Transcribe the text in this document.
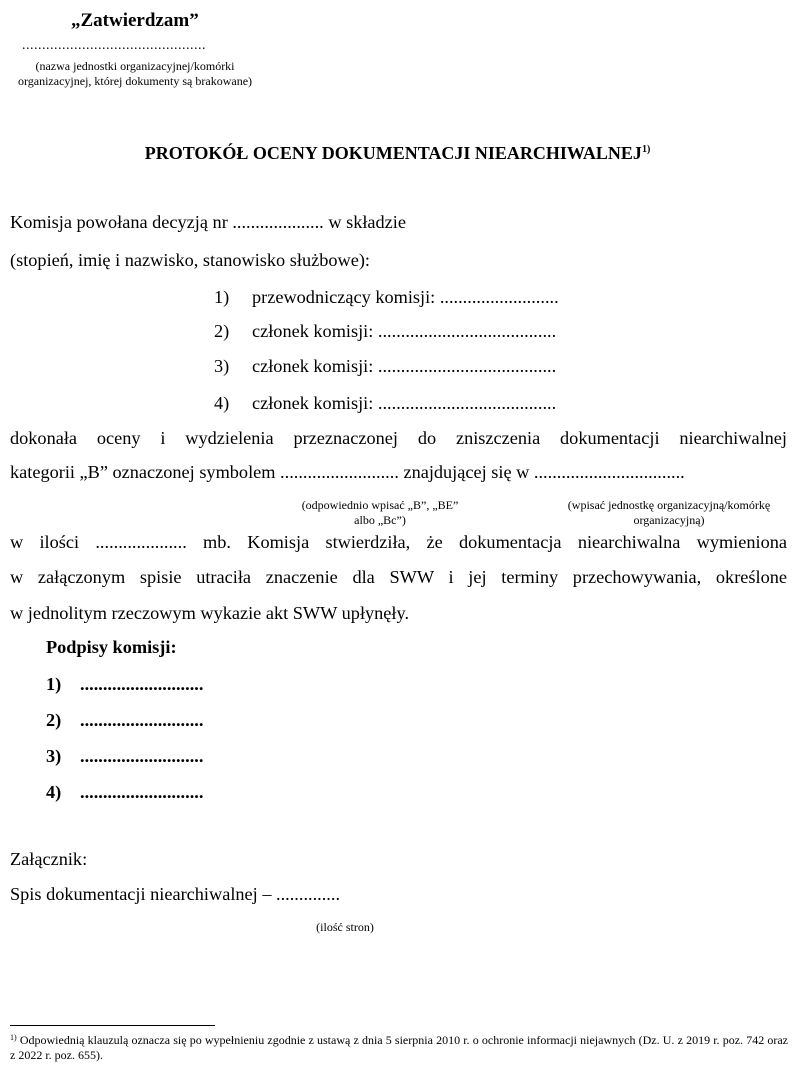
„Zatwierdzam”
..............................................
(nazwa jednostki organizacyjnej/komórki organizacyjnej, której dokumenty są brakowane)
PROTOKÓŁ OCENY DOKUMENTACJI NIEARCHIWALNEJ$^{1)}$
Komisja powołana decyzją nr .................... w składzie
(stopień, imię i nazwisko, stanowisko służbowe):
1) przewodniczący komisji: ..........................
2) członek komisji: .......................................
3) członek komisji: .......................................
4) członek komisji: .......................................
dokonała oceny i wydzielenia przeznaczonej do zniszczenia dokumentacji niearchiwalnej
kategorii „B” oznaczonej symbolem .......................... znajdującej się w .................................
(odpowiednio wpisać „B”, „BE” albo „Bc”)
(wpisać jednostkę organizacyjną/komórkę organizacyjną)
w ilości .................... mb. Komisja stwierdziła, że dokumentacja niearchiwalna wymieniona
w załączonym spisie utraciła znaczenie dla SWW i jej terminy przechowywania, określone
w jednolitym rzeczowym wykazie akt SWW upłynęły.
Podpisy komisji:
1) ...........................
2) ...........................
3) ...........................
4) ...........................
Załącznik:
Spis dokumentacji niearchiwalnej – ..............
(ilość stron)
$^{1)}$ Odpowiednią klauzulą oznacza się po wypełnieniu zgodnie z ustawą z dnia 5 sierpnia 2010 r. o ochronie informacji niejawnych (Dz. U. z 2019 r. poz. 742 oraz z 2022 r. poz. 655).
